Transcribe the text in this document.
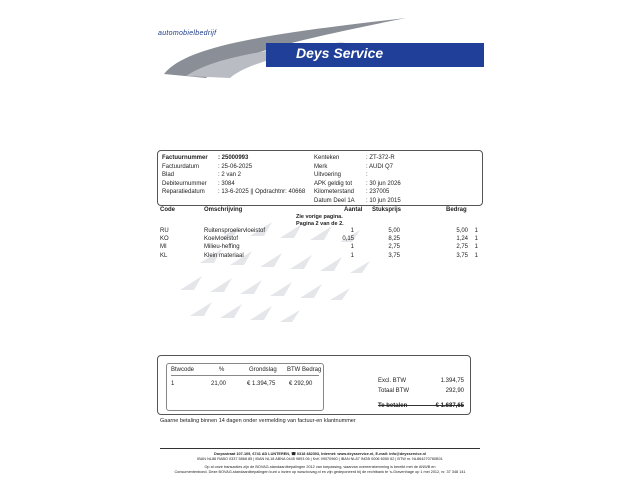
automobielbedrijf
Deys Service
Factuurnummer	: 25000993
Factuurdatum	: 25-06-2025
Blad	: 2 van 2
Debiteurnummer	: 3084
Reparatiedatum	: 13-6-2025 || Opdrachtnr: 40668
Kenteken	: ZT-372-R
Merk	: AUDI Q7
Uitvoering	:
APK geldig tot	: 30 jun 2026
Kilometerstand	: 237005
Datum Deel 1A	: 10 jun 2015
Code	Omschrijving	Aantal Stuksprijs	Bedrag
Zie vorige pagina.
Pagina 2 van de 2.
RU	Ruitensproeiervloeistof	1	5,00	5,00 1
KO	Koelvloeistof	0,15	8,25	1,24 1
MI	Milieu-heffing	1	2,75	2,75 1
KL	Klein materiaal	1	3,75	3,75 1
Btwcode	%	Grondslag BTW Bedrag
1	21,00	€ 1.394,75 € 292,90	Excl. BTW	1.394,75
Totaal BTW	292,90
Te betalen	€ 1.687,65
Gaarne betaling binnen 14 dagen onder vermelding van factuur-en klantnummer
Dorpsstraat 107-109, 6741 AD LUNTEREN, ☎ 0318 482303, Internet: www.deysservice.nl, E-mail: info@deysservice.nl
IBAN NL88 RABO 0337 5868 85 | IBAN NL18 ABNA 0445 9893 06 | KvK 09070960 | IBAN NL87 INGB 0006 6050 62 | BTW nr. NL864270780B01
Op al onze transacties zijn de BOVAG-standaardbepalingen 2012 van toepassing, waarvan overeenstemming is bereikt met de ANWB en
Consumentenbond. Deze BOVAG-standaardbepalingen kunt u inzien op www.bovag.nl en zijn gedeponeerd bij de rechtbank te 's-Gravenhage op 1 mei 2012, nr. 37 348 141
